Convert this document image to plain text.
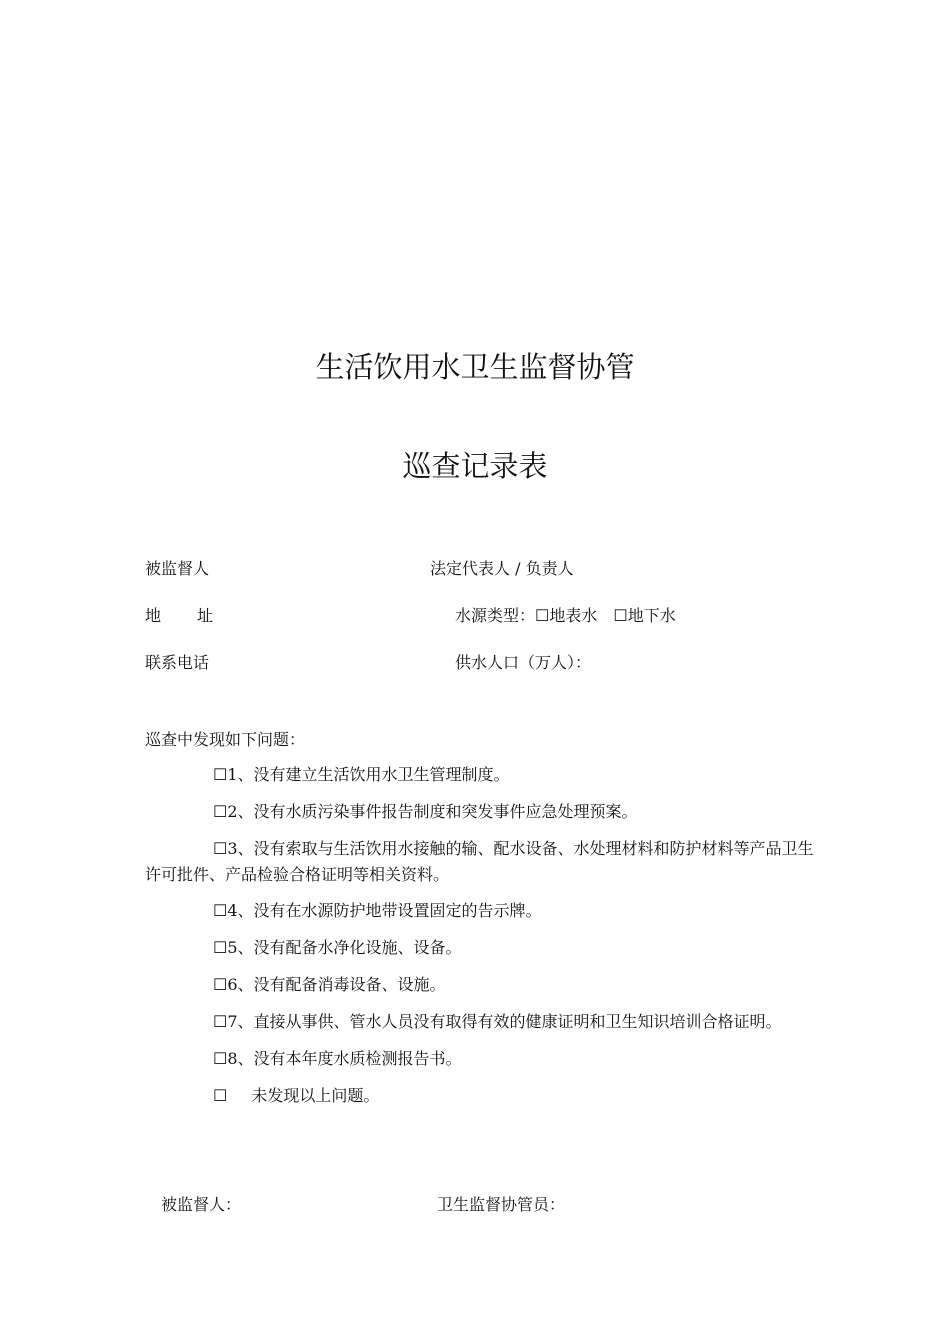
生活饮用水卫生监督协管
巡查记录表
被监督人	法定代表人 / 负责人
地 址	水源类型：☐地表水 ☐地下水
联系电话	供水人口（万人）：
巡查中发现如下问题：
☐1、没有建立生活饮用水卫生管理制度。
☐2、没有水质污染事件报告制度和突发事件应急处理预案。
☐3、没有索取与生活饮用水接触的输、配水设备、水处理材料和防护材料等产品卫生许可批件、产品检验合格证明等相关资料。
☐4、没有在水源防护地带设置固定的告示牌。
☐5、没有配备水净化设施、设备。
☐6、没有配备消毒设备、设施。
☐7、直接从事供、管水人员没有取得有效的健康证明和卫生知识培训合格证明。
☐8、没有本年度水质检测报告书。
☐ 未发现以上问题。
被监督人：	卫生监督协管员：
